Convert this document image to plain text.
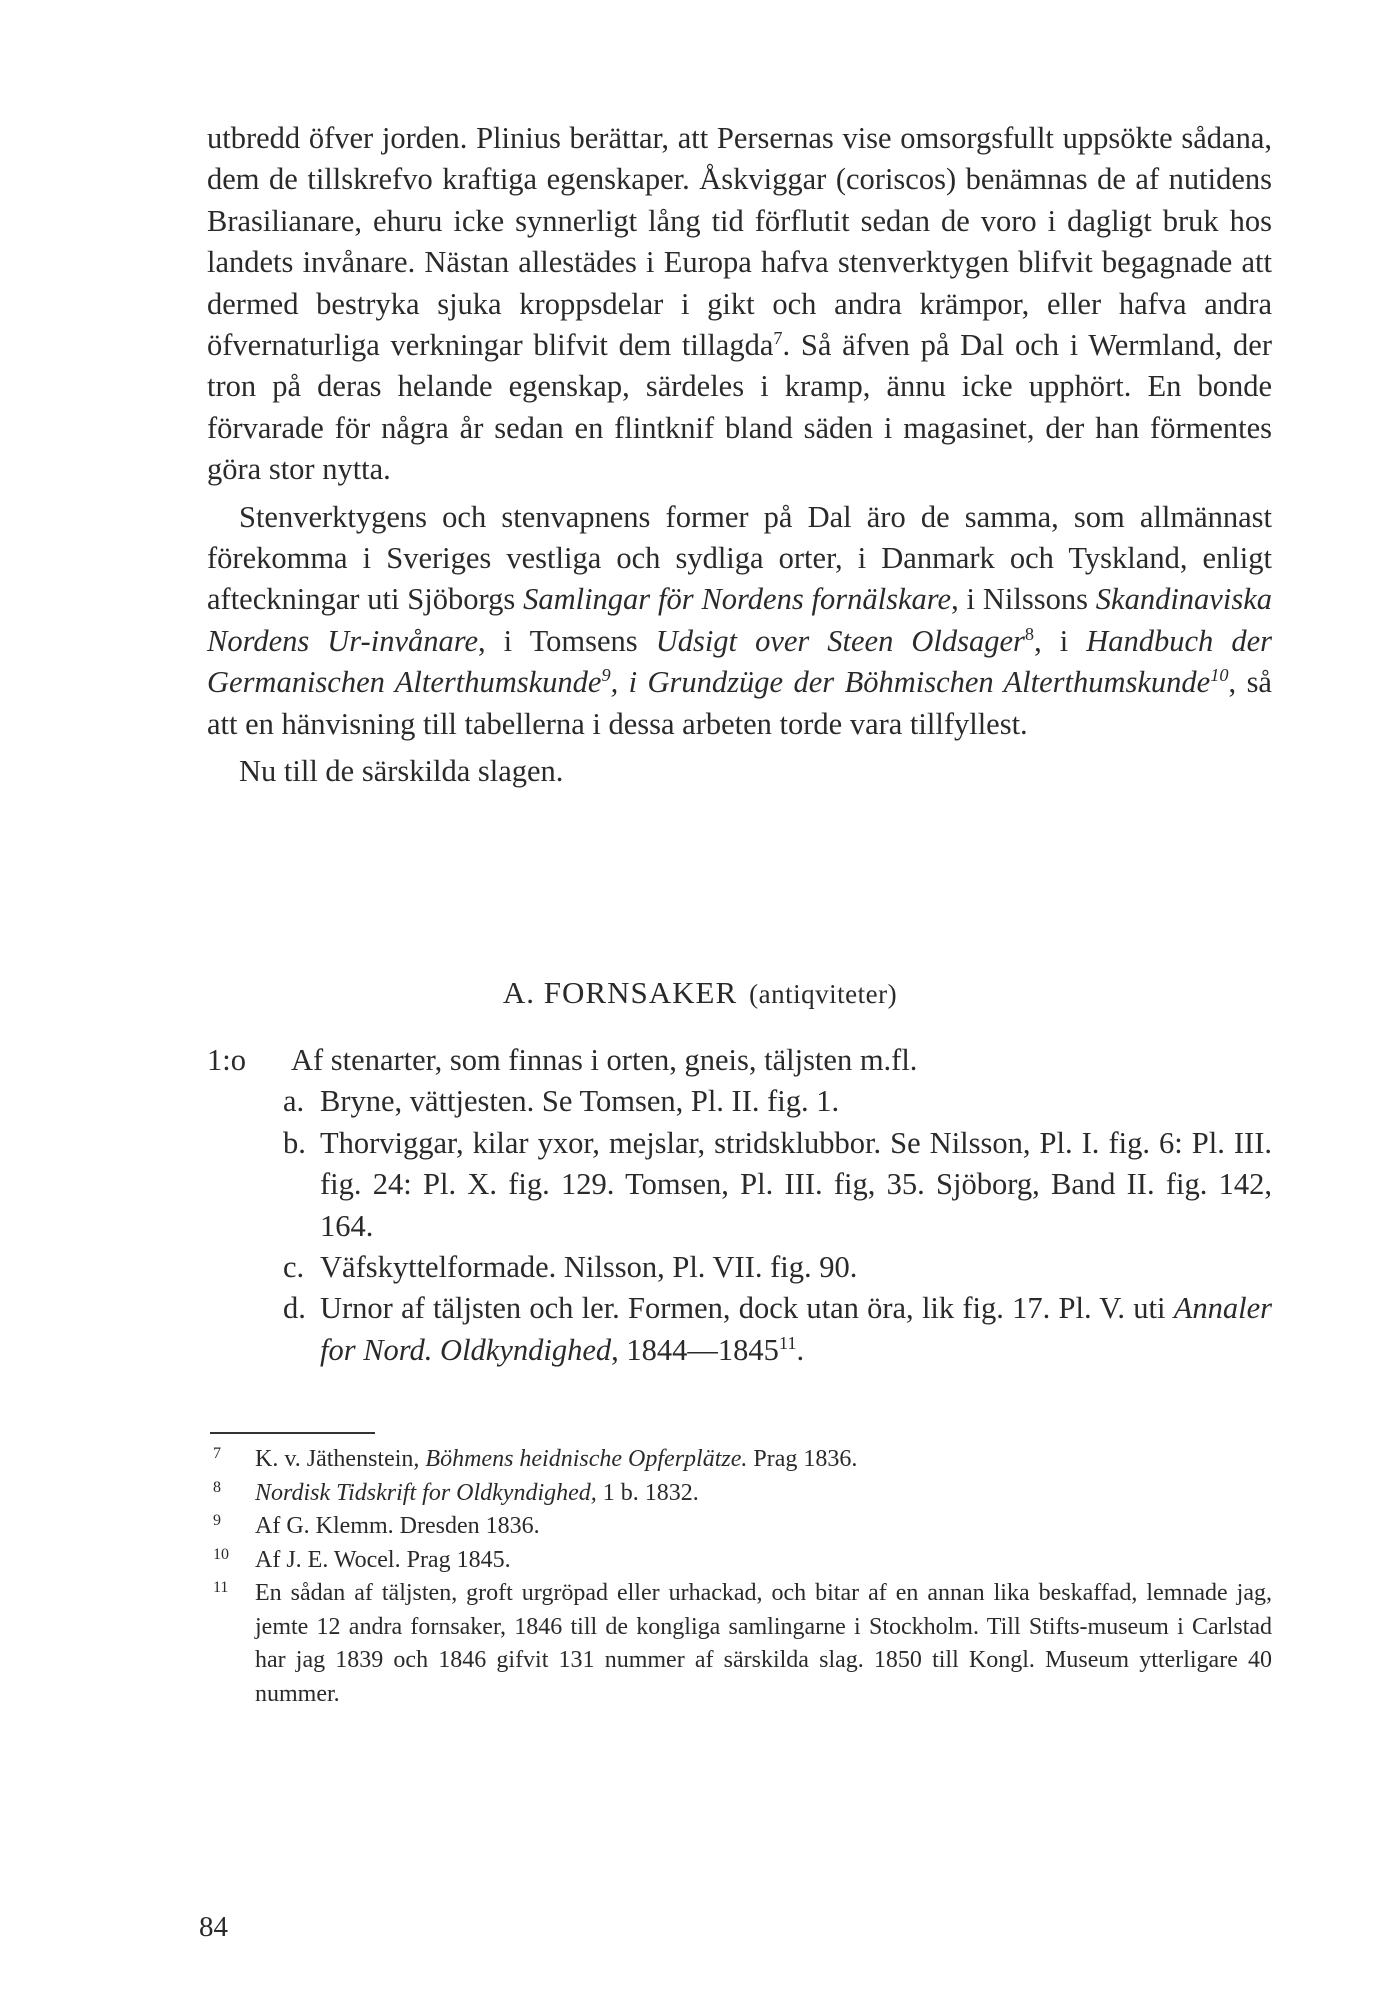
utbredd öfver jorden. Plinius berättar, att Persernas vise omsorgsfullt uppsökte sådana, dem de tillskrefvo kraftiga egenskaper. Åskviggar (coriscos) benämnas de af nutidens Brasilianare, ehuru icke synnerligt lång tid förflutit sedan de voro i dagligt bruk hos landets invånare. Nästan allestädes i Europa hafva stenverktygen blifvit begagnade att dermed bestryka sjuka kroppsdelar i gikt och andra krämpor, eller hafva andra öfvernaturliga verkningar blifvit dem tillagda$^7$. Så äfven på Dal och i Wermland, der tron på deras helande egenskap, särdeles i kramp, ännu icke upphört. En bonde förvarade för några år sedan en flintknif bland säden i magasinet, der han förmentes göra stor nytta.

Stenverktygens och stenvapnens former på Dal äro de samma, som allmännast förekomma i Sveriges vestliga och sydliga orter, i Danmark och Tyskland, enligt afteckningar uti Sjöborgs Samlingar för Nordens fornälskare, i Nilssons Skandinaviska Nordens Ur-invånare, i Tomsens Udsigt over Steen Oldsager$^8$, i Handbuch der Germanischen Alterthumskunde$^9$, i Grundzüge der Böhmischen Alterthumskunde$^{10}$, så att en hänvisning till tabellerna i dessa arbeten torde vara tillfyllest.

Nu till de särskilda slagen.

A. FORNSAKER (antiqviteter)
1:o Af stenarter, som finnas i orten, gneis, täljsten m.fl.
a. Bryne, vättjesten. Se Tomsen, Pl. II. fig. 1.
b. Thorviggar, kilar yxor, mejslar, stridsklubbor. Se Nilsson, Pl. I. fig. 6: Pl. III. fig. 24: Pl. X. fig. 129. Tomsen, Pl. III. fig, 35. Sjöborg, Band II. fig. 142, 164.
c. Väfskyttelformade. Nilsson, Pl. VII. fig. 90.
d. Urnor af täljsten och ler. Formen, dock utan öra, lik fig. 17. Pl. V. uti Annaler for Nord. Oldkyndighed, 1844—1845$^{11}$.
7 K. v. Jäthenstein, Böhmens heidnische Opferplätze. Prag 1836.
8 Nordisk Tidskrift for Oldkyndighed, 1 b. 1832.
9 Af G. Klemm. Dresden 1836.
10 Af J. E. Wocel. Prag 1845.
11 En sådan af täljsten, groft urgröpad eller urhackad, och bitar af en annan lika beskaffad, lemnade jag, jemte 12 andra fornsaker, 1846 till de kongliga samlingarne i Stockholm. Till Stifts-museum i Carlstad har jag 1839 och 1846 gifvit 131 nummer af särskilda slag. 1850 till Kongl. Museum ytterligare 40 nummer.
84
